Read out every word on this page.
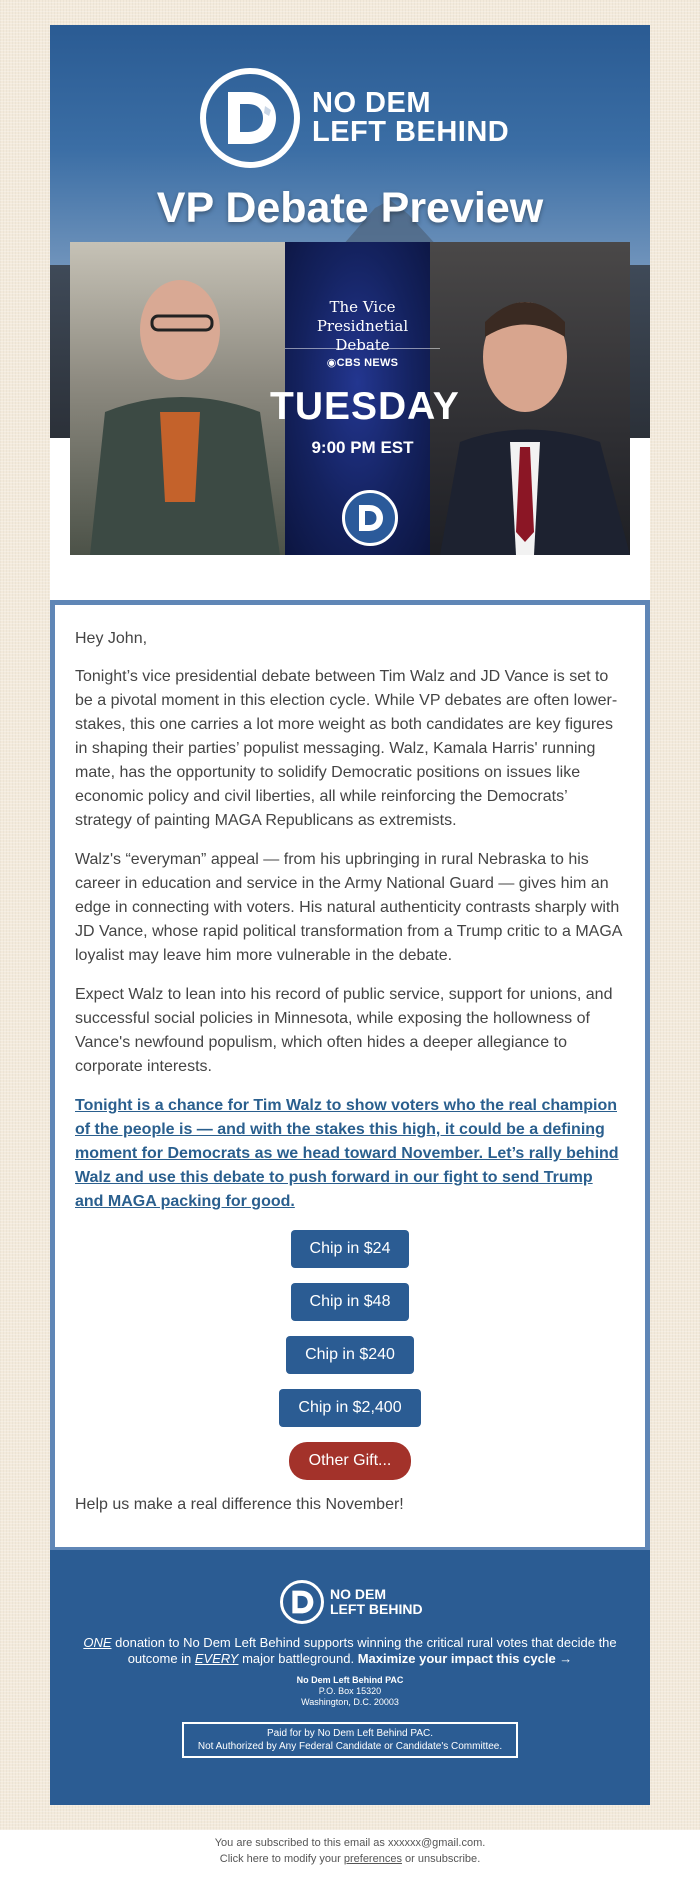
NO DEM
LEFT BEHIND
VP Debate Preview
The Vice Presidnetial
Debate
◉CBS NEWS
TUESDAY
9:00 PM EST

Hey John,

Tonight’s vice presidential debate between Tim Walz and JD Vance is set to be a pivotal moment in this election cycle. While VP debates are often lower-stakes, this one carries a lot more weight as both candidates are key figures in shaping their parties’ populist messaging. Walz, Kamala Harris' running mate, has the opportunity to solidify Democratic positions on issues like economic policy and civil liberties, all while reinforcing the Democrats’ strategy of painting MAGA Republicans as extremists.

Walz's “everyman” appeal — from his upbringing in rural Nebraska to his career in education and service in the Army National Guard — gives him an edge in connecting with voters. His natural authenticity contrasts sharply with JD Vance, whose rapid political transformation from a Trump critic to a MAGA loyalist may leave him more vulnerable in the debate.

Expect Walz to lean into his record of public service, support for unions, and successful social policies in Minnesota, while exposing the hollowness of Vance's newfound populism, which often hides a deeper allegiance to corporate interests.

Tonight is a chance for Tim Walz to show voters who the real champion of the people is — and with the stakes this high, it could be a defining moment for Democrats as we head toward November. Let’s rally behind Walz and use this debate to push forward in our fight to send Trump and MAGA packing for good.
Chip in $24
Chip in $48
Chip in $240
Chip in $2,400
Other Gift...

Help us make a real difference this November!

NO DEM
LEFT BEHIND
ONE donation to No Dem Left Behind supports winning the critical rural votes that decide the outcome in EVERY major battleground. Maximize your impact this cycle →
No Dem Left Behind PAC
P.O. Box 15320
Washington, D.C. 20003
Paid for by No Dem Left Behind PAC.
Not Authorized by Any Federal Candidate or Candidate's Committee.
You are subscribed to this email as xxxxxx@gmail.com.
Click here to modify your preferences or unsubscribe.
